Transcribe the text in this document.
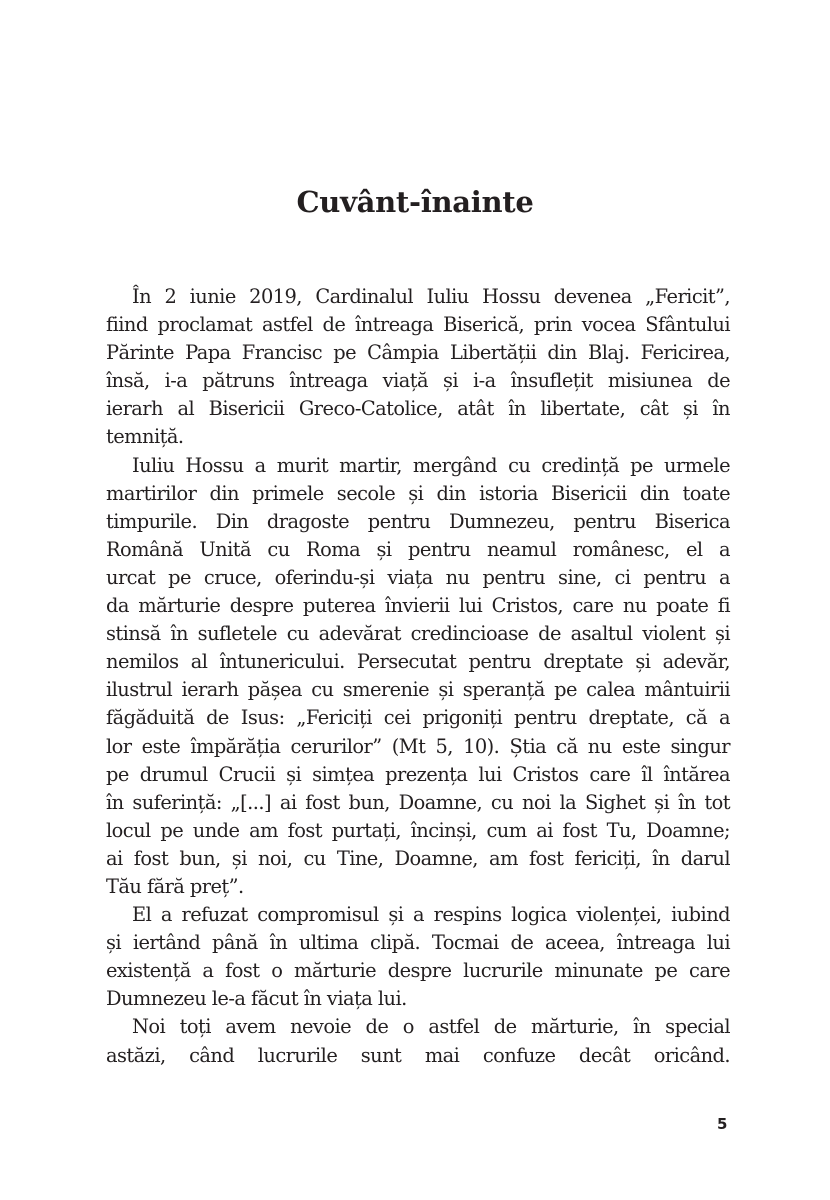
Cuvânt-înainte
În 2 iunie 2019, Cardinalul Iuliu Hossu devenea „Fericit”,
fiind proclamat astfel de întreaga Biserică, prin vocea Sfântului
Părinte Papa Francisc pe Câmpia Libertății din Blaj. Fericirea,
însă, i-a pătruns întreaga viață și i-a însuflețit misiunea de
ierarh al Bisericii Greco-Catolice, atât în libertate, cât și în
temniță.
Iuliu Hossu a murit martir, mergând cu credință pe urmele
martirilor din primele secole și din istoria Bisericii din toate
timpurile. Din dragoste pentru Dumnezeu, pentru Biserica
Română Unită cu Roma și pentru neamul românesc, el a
urcat pe cruce, oferindu-și viața nu pentru sine, ci pentru a
da mărturie despre puterea învierii lui Cristos, care nu poate fi
stinsă în sufletele cu adevărat credincioase de asaltul violent și
nemilos al întunericului. Persecutat pentru dreptate și adevăr,
ilustrul ierarh pășea cu smerenie și speranță pe calea mântuirii
făgăduită de Isus: „Fericiți cei prigoniți pentru dreptate, că a
lor este împărăția cerurilor” (Mt 5, 10). Știa că nu este singur
pe drumul Crucii și simțea prezența lui Cristos care îl întărea
în suferință: „[...] ai fost bun, Doamne, cu noi la Sighet și în tot
locul pe unde am fost purtați, încinși, cum ai fost Tu, Doamne;
ai fost bun, și noi, cu Tine, Doamne, am fost fericiți, în darul
Tău fără preț”.
El a refuzat compromisul și a respins logica violenței, iubind
și iertând până în ultima clipă. Tocmai de aceea, întreaga lui
existență a fost o mărturie despre lucrurile minunate pe care
Dumnezeu le-a făcut în viața lui.
Noi toți avem nevoie de o astfel de mărturie, în special
astăzi, când lucrurile sunt mai confuze decât oricând.
5
